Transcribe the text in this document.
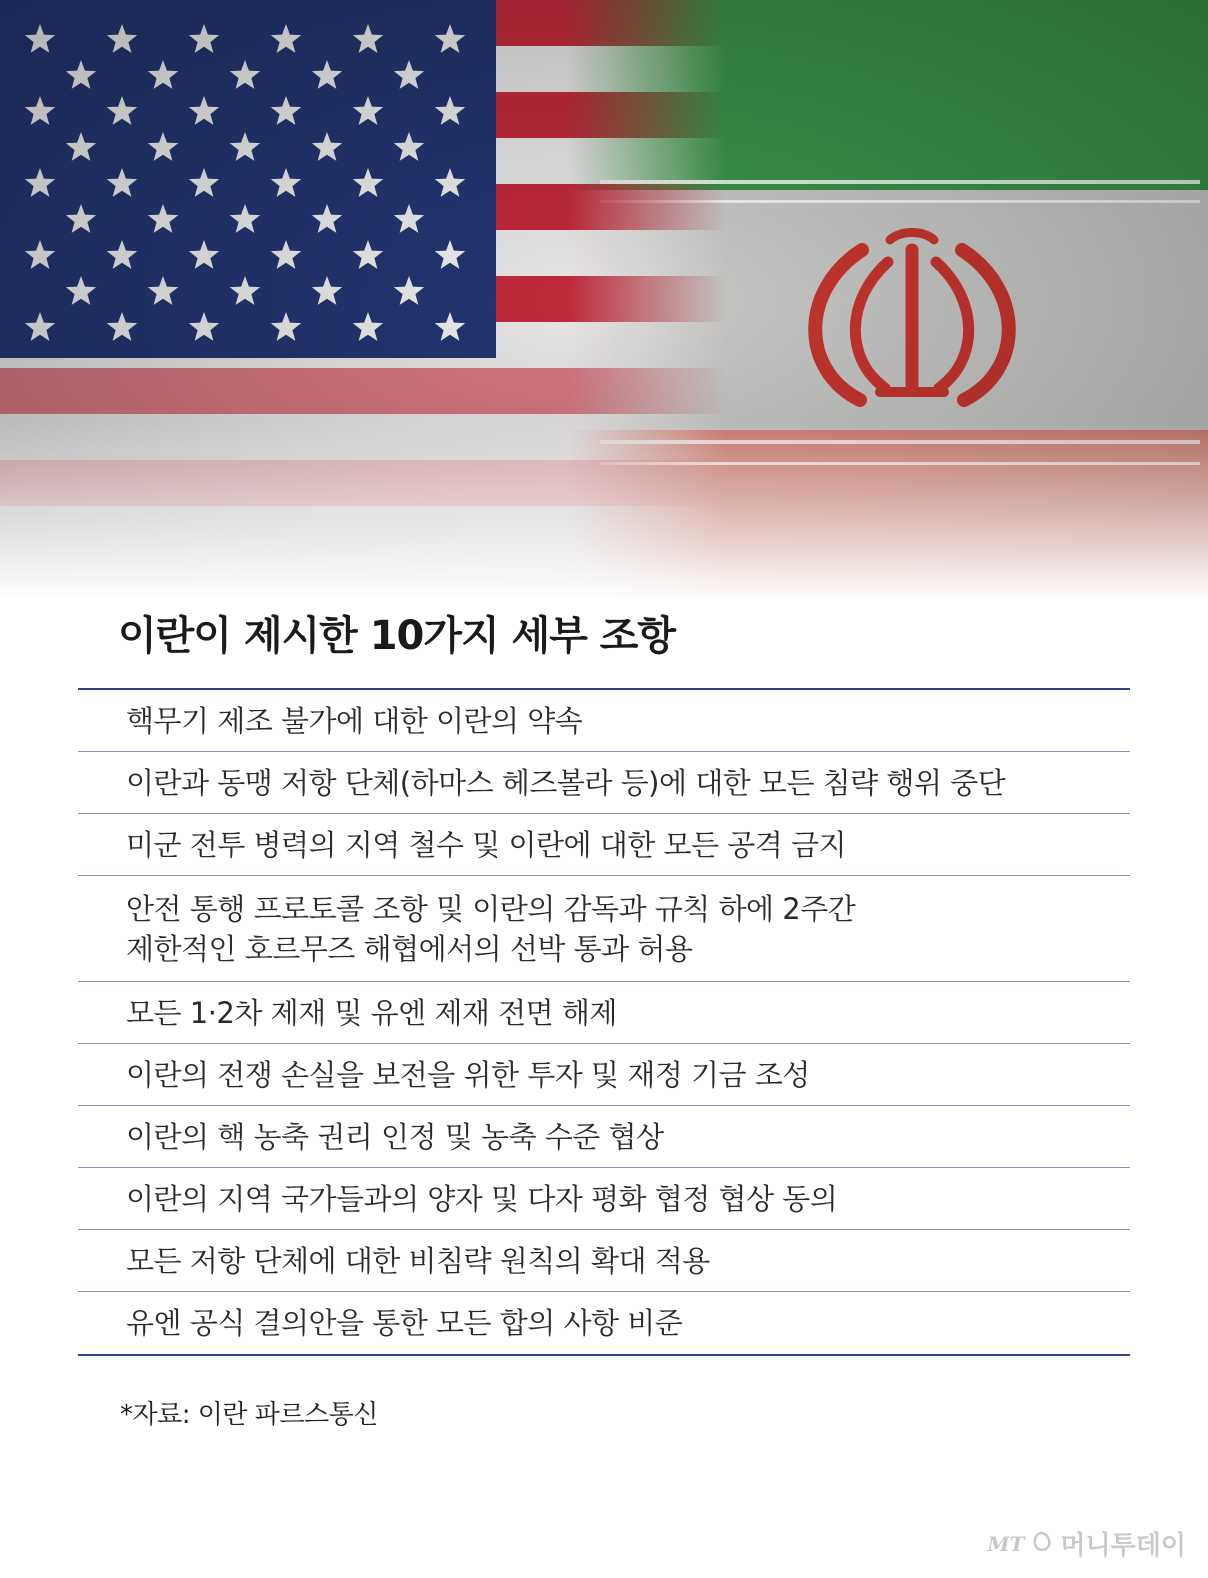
이란이 제시한 10가지 세부 조항
핵무기 제조 불가에 대한 이란의 약속
이란과 동맹 저항 단체(하마스 헤즈볼라 등)에 대한 모든 침략 행위 중단
미군 전투 병력의 지역 철수 및 이란에 대한 모든 공격 금지
안전 통행 프로토콜 조항 및 이란의 감독과 규칙 하에 2주간
제한적인 호르무즈 해협에서의 선박 통과 허용
모든 1·2차 제재 및 유엔 제재 전면 해제
이란의 전쟁 손실을 보전을 위한 투자 및 재정 기금 조성
이란의 핵 농축 권리 인정 및 농축 수준 협상
이란의 지역 국가들과의 양자 및 다자 평화 협정 협상 동의
모든 저항 단체에 대한 비침략 원칙의 확대 적용
유엔 공식 결의안을 통한 모든 합의 사항 비준
*자료: 이란 파르스통신
MT 머니투데이
